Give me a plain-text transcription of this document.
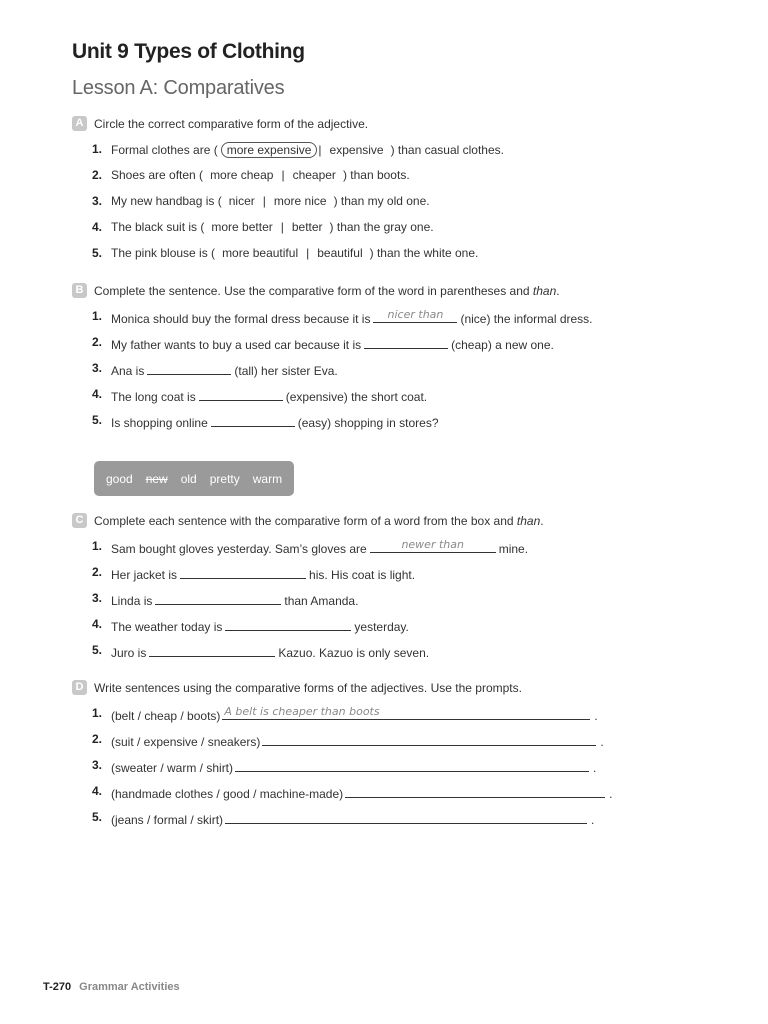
Unit 9 Types of Clothing
Lesson A: Comparatives
A Circle the correct comparative form of the adjective.
1. Formal clothes are ( more expensive | expensive ) than casual clothes.
2. Shoes are often ( more cheap | cheaper ) than boots.
3. My new handbag is ( nicer | more nice ) than my old one.
4. The black suit is ( more better | better ) than the gray one.
5. The pink blouse is ( more beautiful | beautiful ) than the white one.
B Complete the sentence. Use the comparative form of the word in parentheses and than.
1. Monica should buy the formal dress because it is	nicer than	(nice) the informal dress.
2. My father wants to buy a used car because it is	(cheap) a new one.
3. Ana is	(tall) her sister Eva.
4. The long coat is	(expensive) the short coat.
5. Is shopping online	(easy) shopping in stores?
good new old pretty warm
C Complete each sentence with the comparative form of a word from the box and than.
1. Sam bought gloves yesterday. Sam’s gloves are	newer than	mine.
2. Her jacket is	his. His coat is light.
3. Linda is	than Amanda.
4. The weather today is	yesterday.
5. Juro is	Kazuo. Kazuo is only seven.
D Write sentences using the comparative forms of the adjectives. Use the prompts.
1. (belt / cheap / boots) A belt is cheaper than boots	.
2. (suit / expensive / sneakers)	.
3. (sweater / warm / shirt)	.
4. (handmade clothes / good / machine-made)	.
5. (jeans / formal / skirt)	.
T-270 Grammar Activities
